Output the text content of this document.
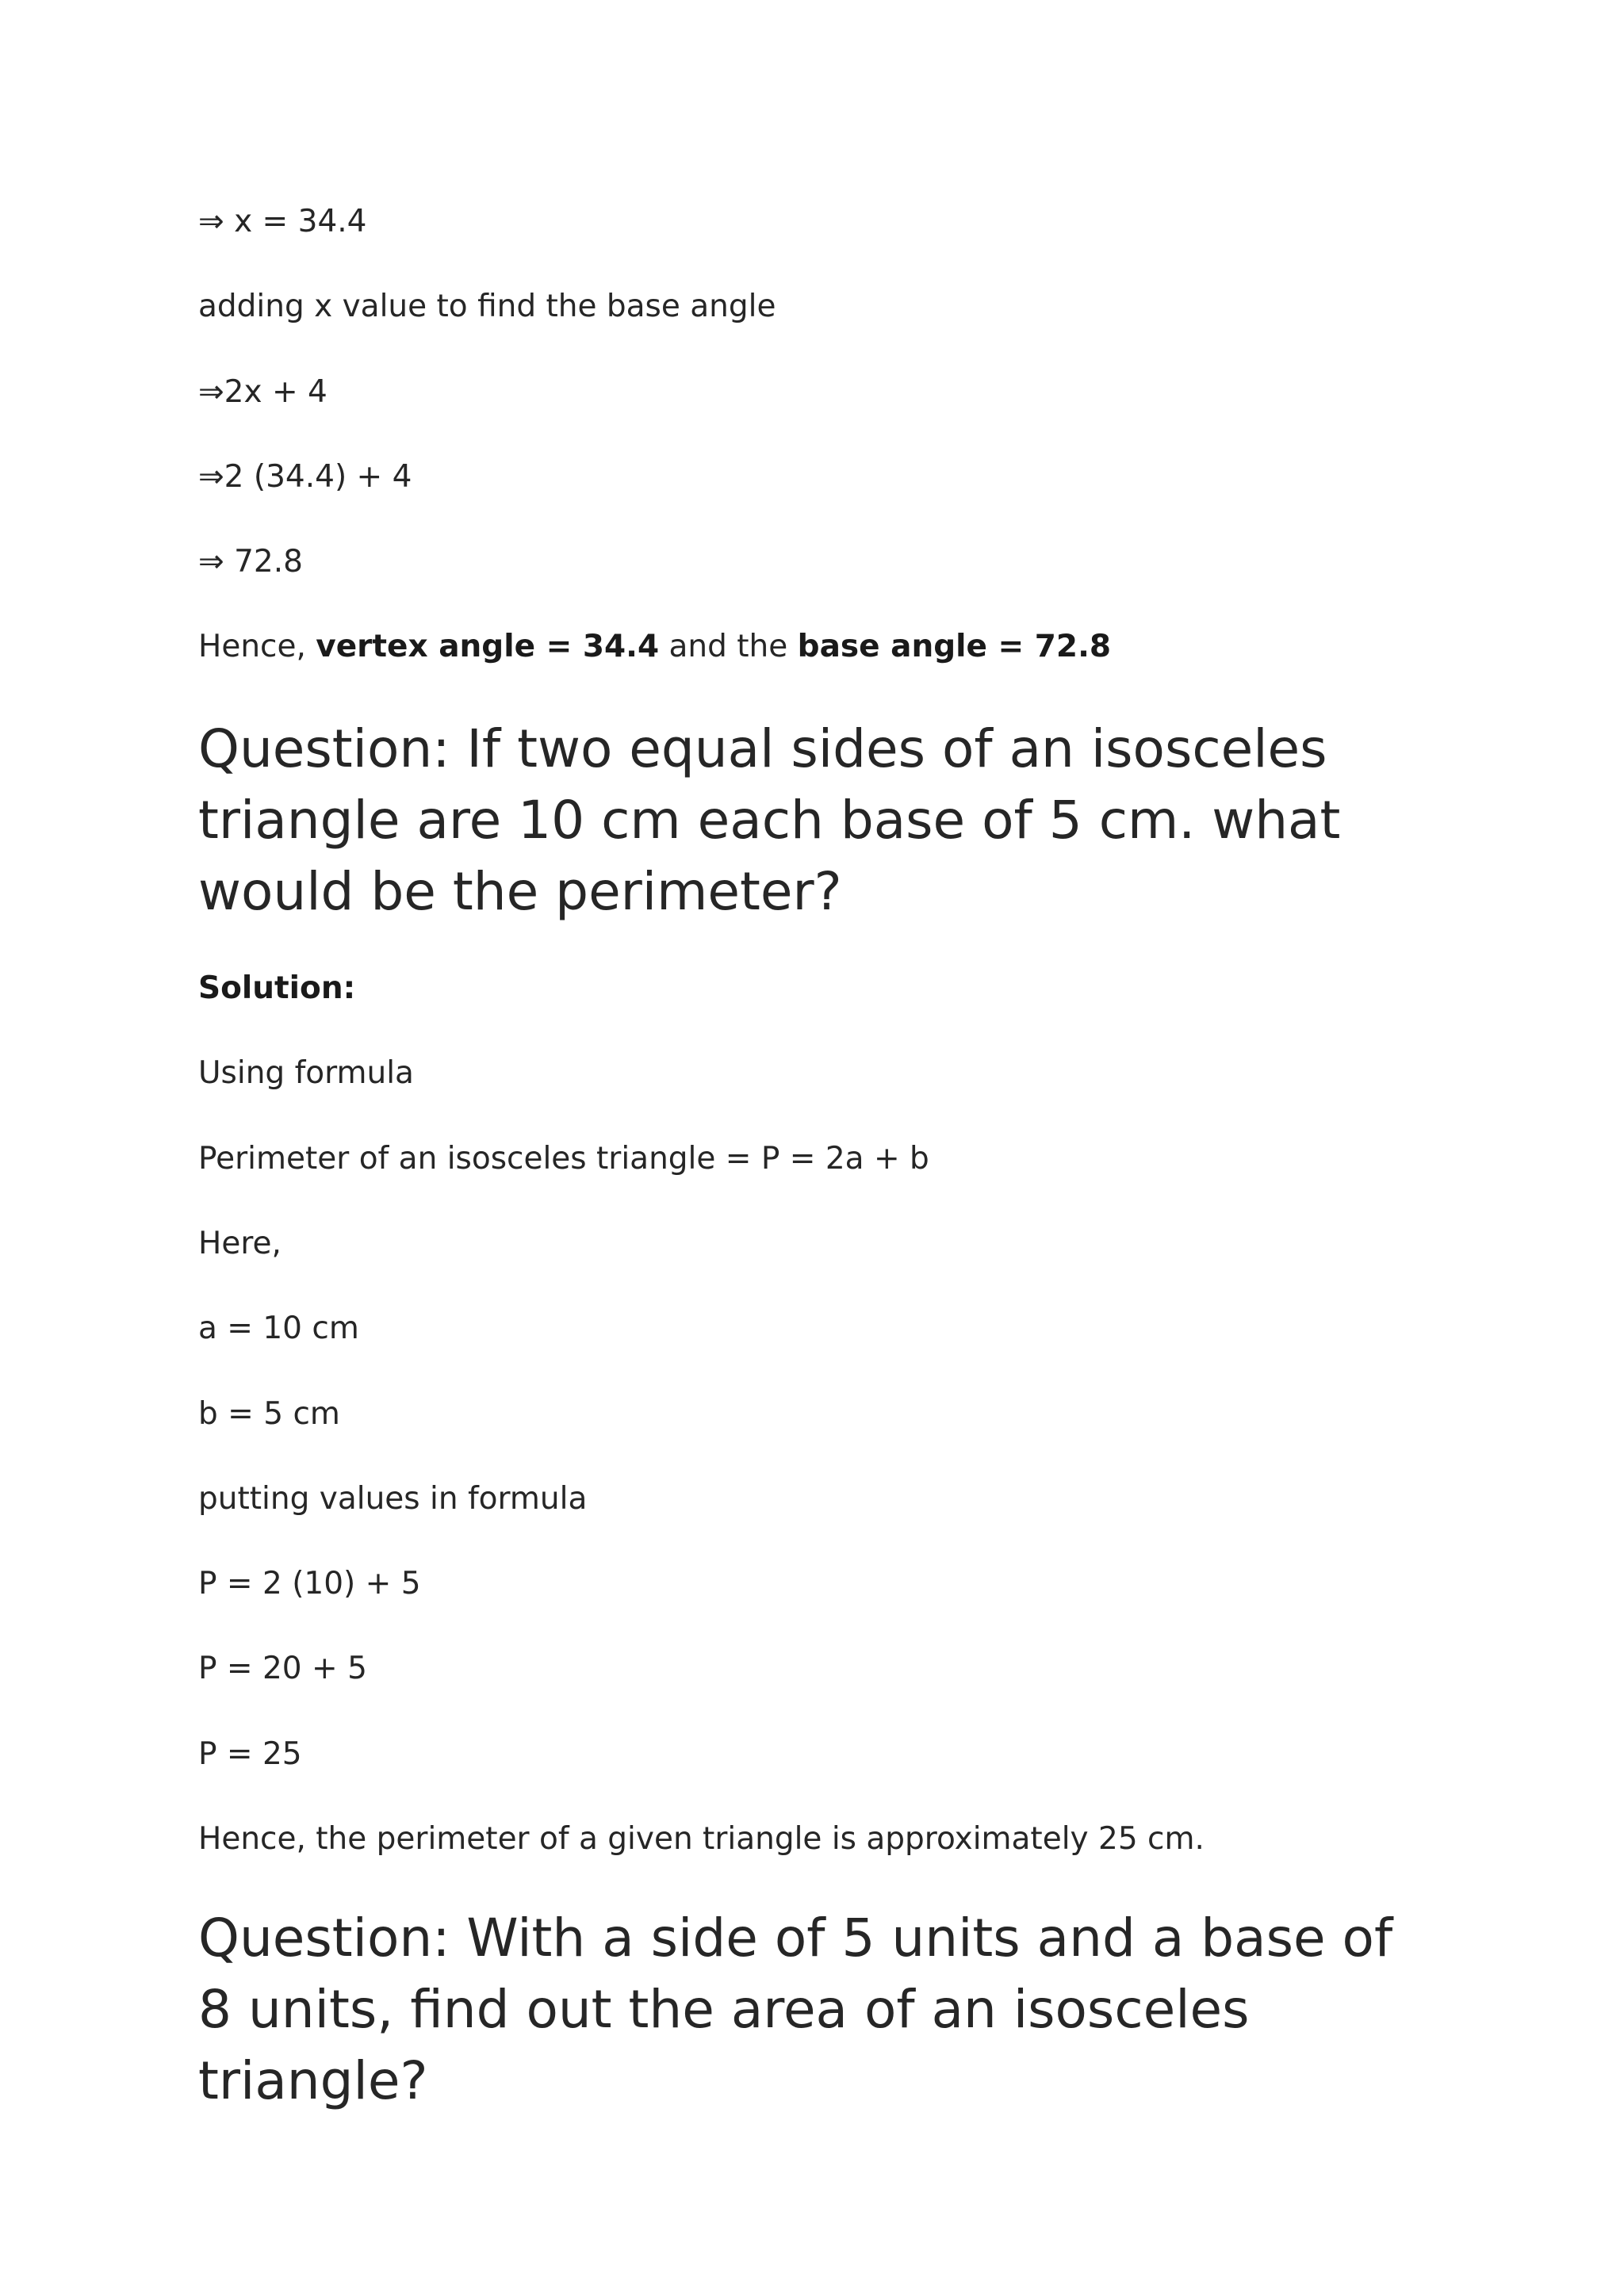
⇒ x = 34.4
adding x value to find the base angle
⇒2x + 4
⇒2 (34.4) + 4
⇒ 72.8
Hence, vertex angle = 34.4 and the base angle = 72.8
Question: If two equal sides of an isosceles triangle are 10 cm each base of 5 cm. what would be the perimeter?
Solution:
Using formula
Perimeter of an isosceles triangle = P = 2a + b
Here,
a = 10 cm
b = 5 cm
putting values in formula
P = 2 (10) + 5
P = 20 + 5
P = 25
Hence, the perimeter of a given triangle is approximately 25 cm.
Question: With a side of 5 units and a base of 8 units, find out the area of an isosceles triangle?
